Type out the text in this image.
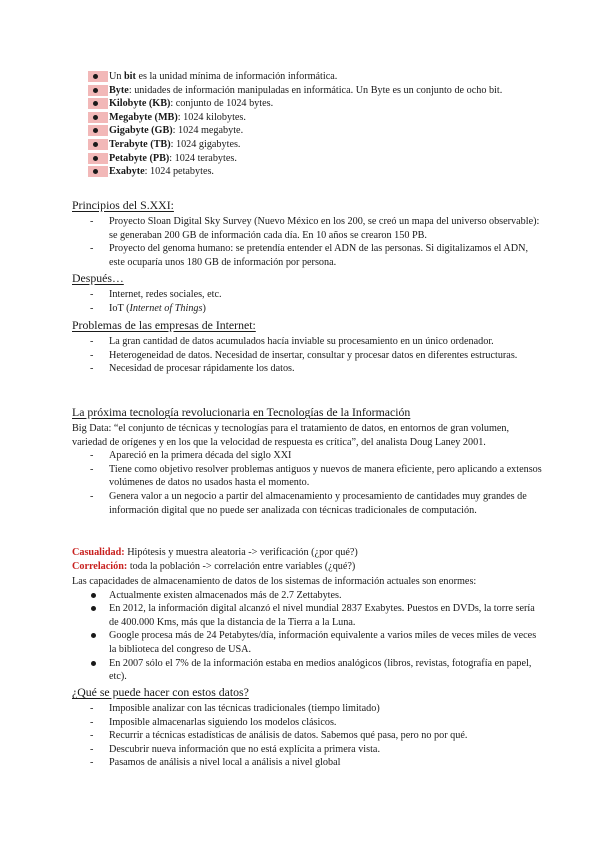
Un bit es la unidad mínima de información informática.
Byte: unidades de información manipuladas en informática. Un Byte es un conjunto de ocho bit.
Kilobyte (KB): conjunto de 1024 bytes.
Megabyte (MB): 1024 kilobytes.
Gigabyte (GB): 1024 megabyte.
Terabyte (TB): 1024 gigabytes.
Petabyte (PB): 1024 terabytes.
Exabyte: 1024 petabytes.
Principios del S.XXI:
- Proyecto Sloan Digital Sky Survey (Nuevo México en los 200, se creó un mapa del universo observable): se generaban 200 GB de información cada día. En 10 años se crearon 150 PB.
- Proyecto del genoma humano: se pretendía entender el ADN de las personas. Si digitalizamos el ADN, este ocuparía unos 180 GB de información por persona.
Después…
- Internet, redes sociales, etc.
- IoT (Internet of Things)
Problemas de las empresas de Internet:
- La gran cantidad de datos acumulados hacía inviable su procesamiento en un único ordenador.
- Heterogeneidad de datos. Necesidad de insertar, consultar y procesar datos en diferentes estructuras.
- Necesidad de procesar rápidamente los datos.
La próxima tecnología revolucionaria en Tecnologías de la Información
Big Data: “el conjunto de técnicas y tecnologías para el tratamiento de datos, en entornos de gran volumen, variedad de orígenes y en los que la velocidad de respuesta es crítica”, del analista Doug Laney 2001.
- Apareció en la primera década del siglo XXI
- Tiene como objetivo resolver problemas antiguos y nuevos de manera eficiente, pero aplicando a extensos volúmenes de datos no usados hasta el momento.
- Genera valor a un negocio a partir del almacenamiento y procesamiento de cantidades muy grandes de información digital que no puede ser analizada con técnicas tradicionales de computación.
Casualidad: Hipótesis y muestra aleatoria -> verificación (¿por qué?)
Correlación: toda la población -> correlación entre variables (¿qué?)
Las capacidades de almacenamiento de datos de los sistemas de información actuales son enormes:
Actualmente existen almacenados más de 2.7 Zettabytes.
En 2012, la información digital alcanzó el nivel mundial 2837 Exabytes. Puestos en DVDs, la torre sería de 400.000 Kms, más que la distancia de la Tierra a la Luna.
Google procesa más de 24 Petabytes/día, información equivalente a varios miles de veces miles de veces la biblioteca del congreso de USA.
En 2007 sólo el 7% de la información estaba en medios analógicos (libros, revistas, fotografía en papel, etc).
¿Qué se puede hacer con estos datos?
- Imposible analizar con las técnicas tradicionales (tiempo limitado)
- Imposible almacenarlas siguiendo los modelos clásicos.
- Recurrir a técnicas estadísticas de análisis de datos. Sabemos qué pasa, pero no por qué.
- Descubrir nueva información que no está explícita a primera vista.
- Pasamos de análisis a nivel local a análisis a nivel global
